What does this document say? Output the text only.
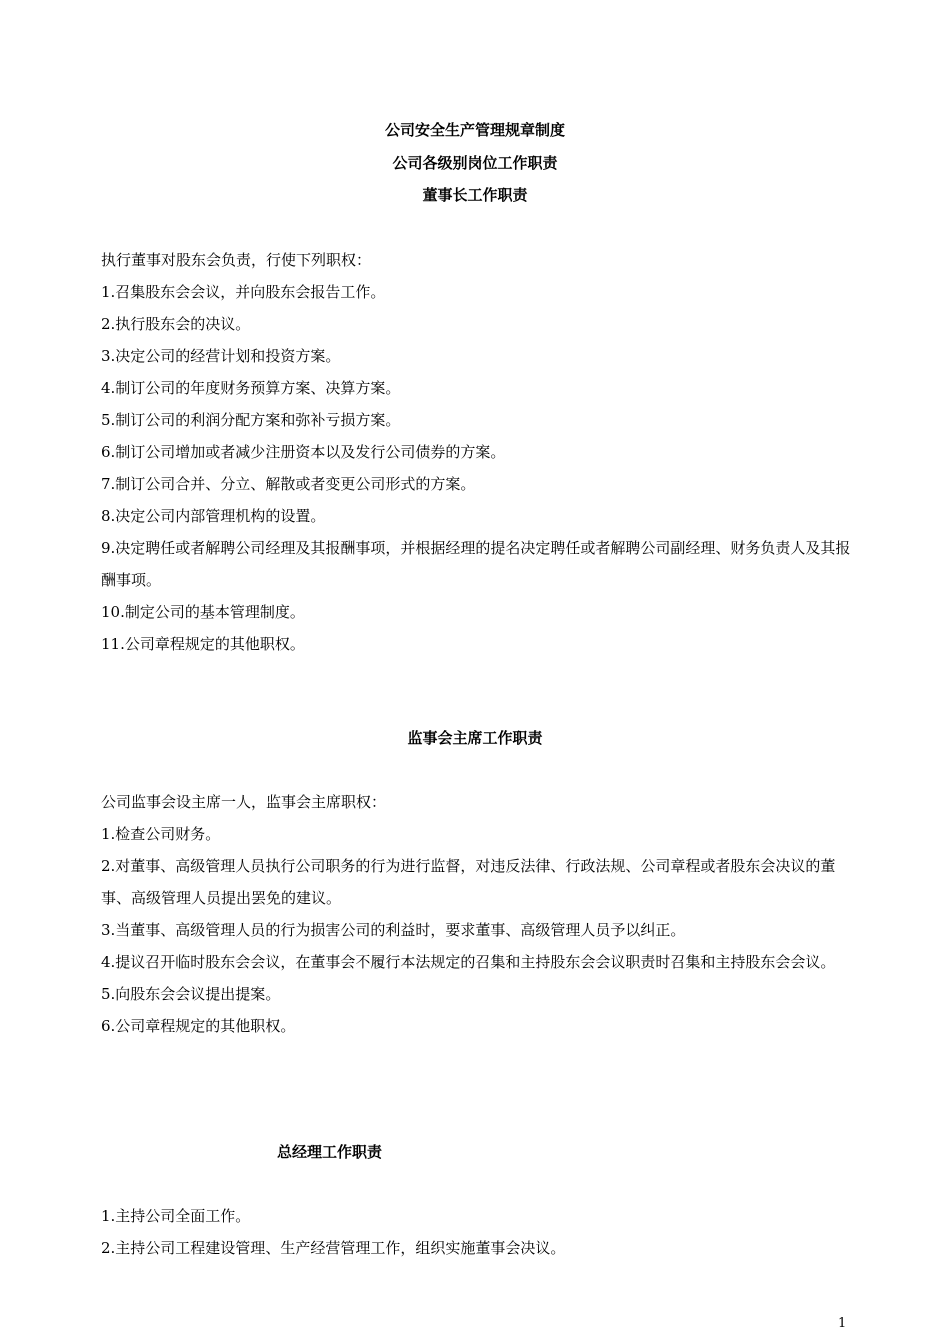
公司安全生产管理规章制度
公司各级别岗位工作职责
董事长工作职责

执行董事对股东会负责，行使下列职权：

1.召集股东会会议，并向股东会报告工作。

2.执行股东会的决议。

3.决定公司的经营计划和投资方案。

4.制订公司的年度财务预算方案、决算方案。

5.制订公司的利润分配方案和弥补亏损方案。

6.制订公司增加或者减少注册资本以及发行公司债券的方案。

7.制订公司合并、分立、解散或者变更公司形式的方案。

8.决定公司内部管理机构的设置。

9.决定聘任或者解聘公司经理及其报酬事项，并根据经理的提名决定聘任或者解聘公司副经理、财务负责人及其报酬事项。

10.制定公司的基本管理制度。

11.公司章程规定的其他职权。

监事会主席工作职责

公司监事会设主席一人，监事会主席职权：

1.检查公司财务。

2.对董事、高级管理人员执行公司职务的行为进行监督，对违反法律、行政法规、公司章程或者股东会决议的董事、高级管理人员提出罢免的建议。

3.当董事、高级管理人员的行为损害公司的利益时，要求董事、高级管理人员予以纠正。

4.提议召开临时股东会会议，在董事会不履行本法规定的召集和主持股东会会议职责时召集和主持股东会会议。

5.向股东会会议提出提案。

6.公司章程规定的其他职权。

总经理工作职责

1.主持公司全面工作。

2.主持公司工程建设管理、生产经营管理工作，组织实施董事会决议。

1
